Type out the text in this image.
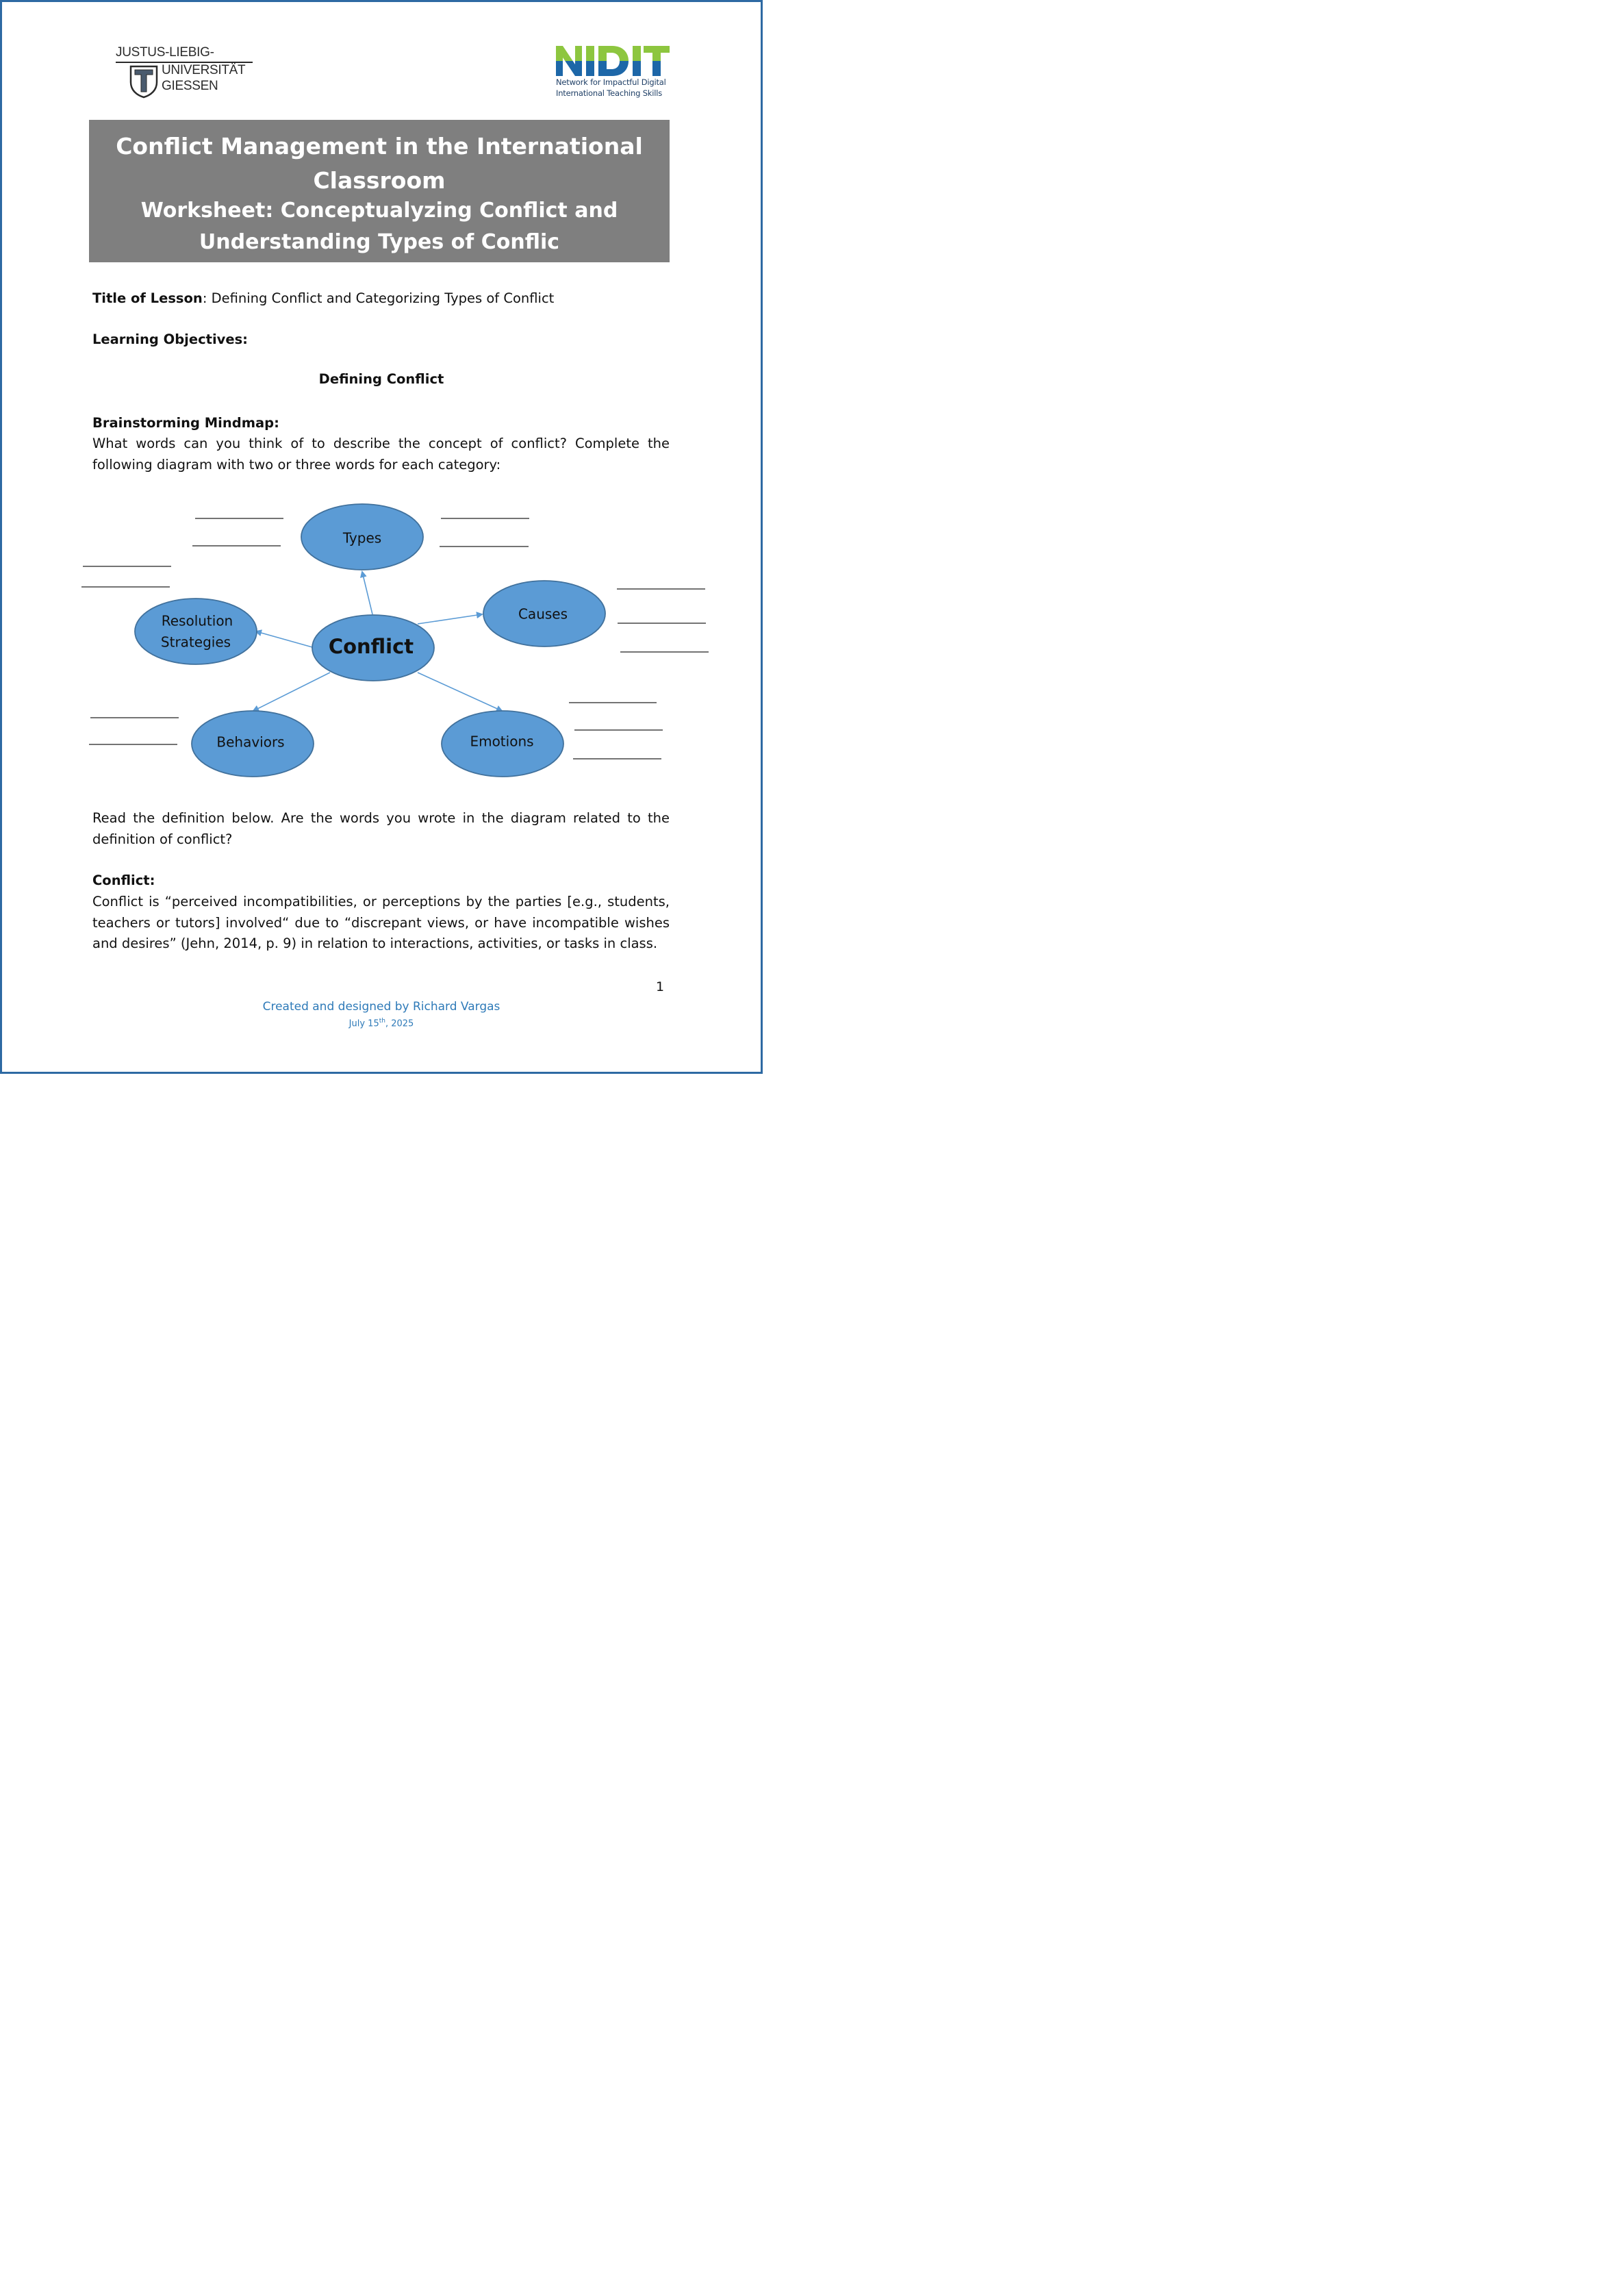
JUSTUS-LIEBIG-
UNIVERSITÄT
GIESSEN	Network for Impactful Digital
International Teaching Skills
Conflict Management in the International Classroom
Worksheet: Conceptualyzing Conflict and Understanding Types of Conflic
Title of Lesson: Defining Conflict and Categorizing Types of Conflict
Learning Objectives:
Defining Conflict
Brainstorming Mindmap:
What words can you think of to describe the concept of conflict? Complete the following diagram with two or three words for each category:
Types
Causes
Resolution
Strategies	Conflict
Behaviors	Emotions
Read the definition below. Are the words you wrote in the diagram related to the definition of conflict?
Conflict:
Conflict is “perceived incompatibilities, or perceptions by the parties [e.g., students, teachers or tutors] involved“ due to “discrepant views, or have incompatible wishes and desires” (Jehn, 2014, p. 9) in relation to interactions, activities, or tasks in class.
1
Created and designed by Richard Vargas
July 15th, 2025
